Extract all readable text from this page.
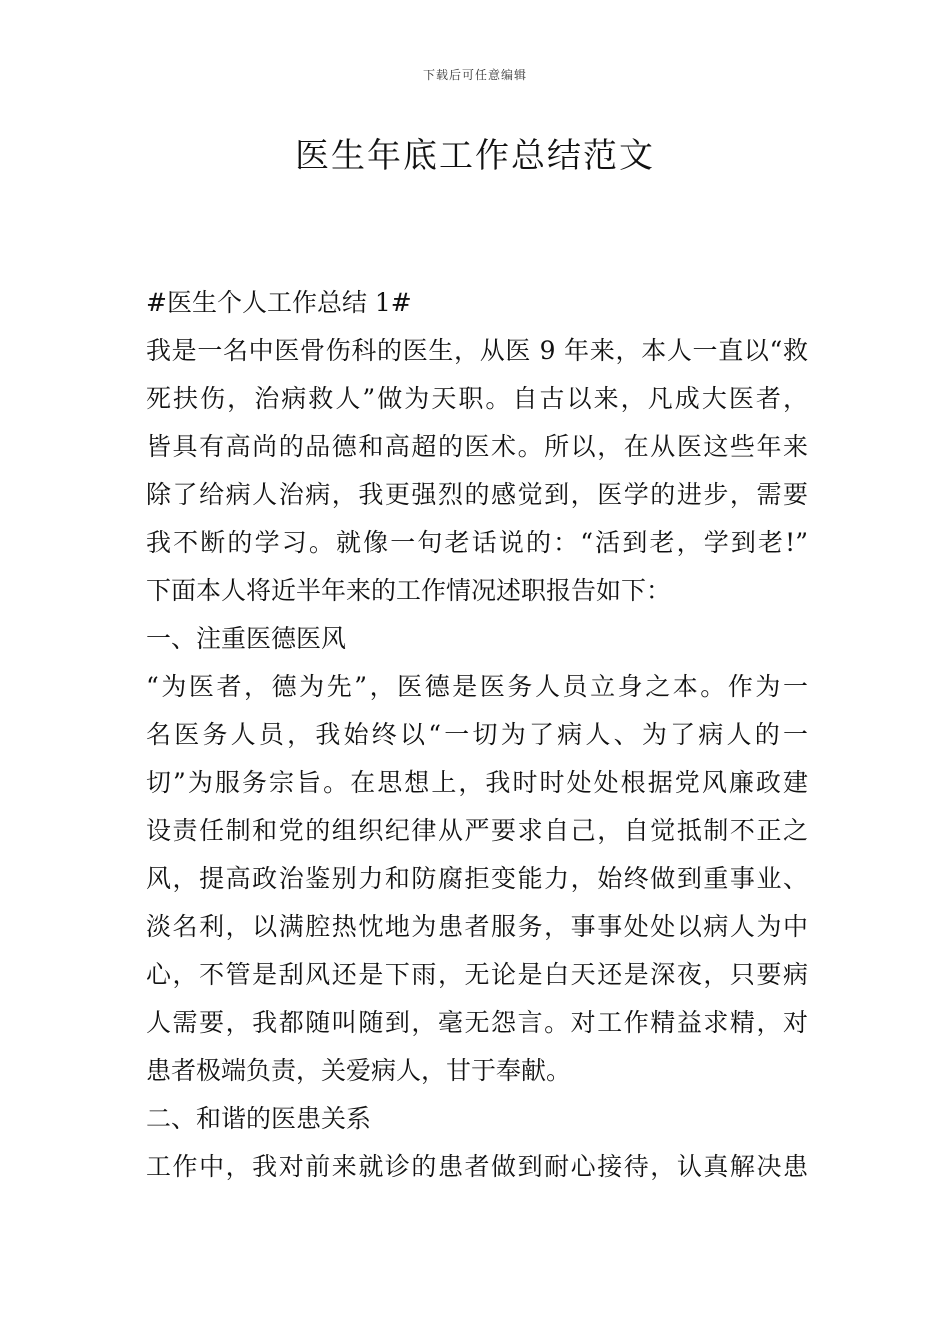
下载后可任意编辑
医生年底工作总结范文
#医生个人工作总结 1#
我是一名中医骨伤科的医生，从医 9 年来，本人一直以“救
死扶伤，治病救人”做为天职。自古以来，凡成大医者，
皆具有高尚的品德和高超的医术。所以，在从医这些年来
除了给病人治病，我更强烈的感觉到，医学的进步，需要
我不断的学习。就像一句老话说的：“活到老，学到老!”
下面本人将近半年来的工作情况述职报告如下：
一、注重医德医风
“为医者，德为先”，医德是医务人员立身之本。作为一
名医务人员，我始终以“一切为了病人、为了病人的一
切”为服务宗旨。在思想上，我时时处处根据党风廉政建
设责任制和党的组织纪律从严要求自己，自觉抵制不正之
风，提高政治鉴别力和防腐拒变能力，始终做到重事业、
淡名利，以满腔热忱地为患者服务，事事处处以病人为中
心，不管是刮风还是下雨，无论是白天还是深夜，只要病
人需要，我都随叫随到，毫无怨言。对工作精益求精，对
患者极端负责，关爱病人，甘于奉献。
二、和谐的医患关系
工作中，我对前来就诊的患者做到耐心接待，认真解决患
